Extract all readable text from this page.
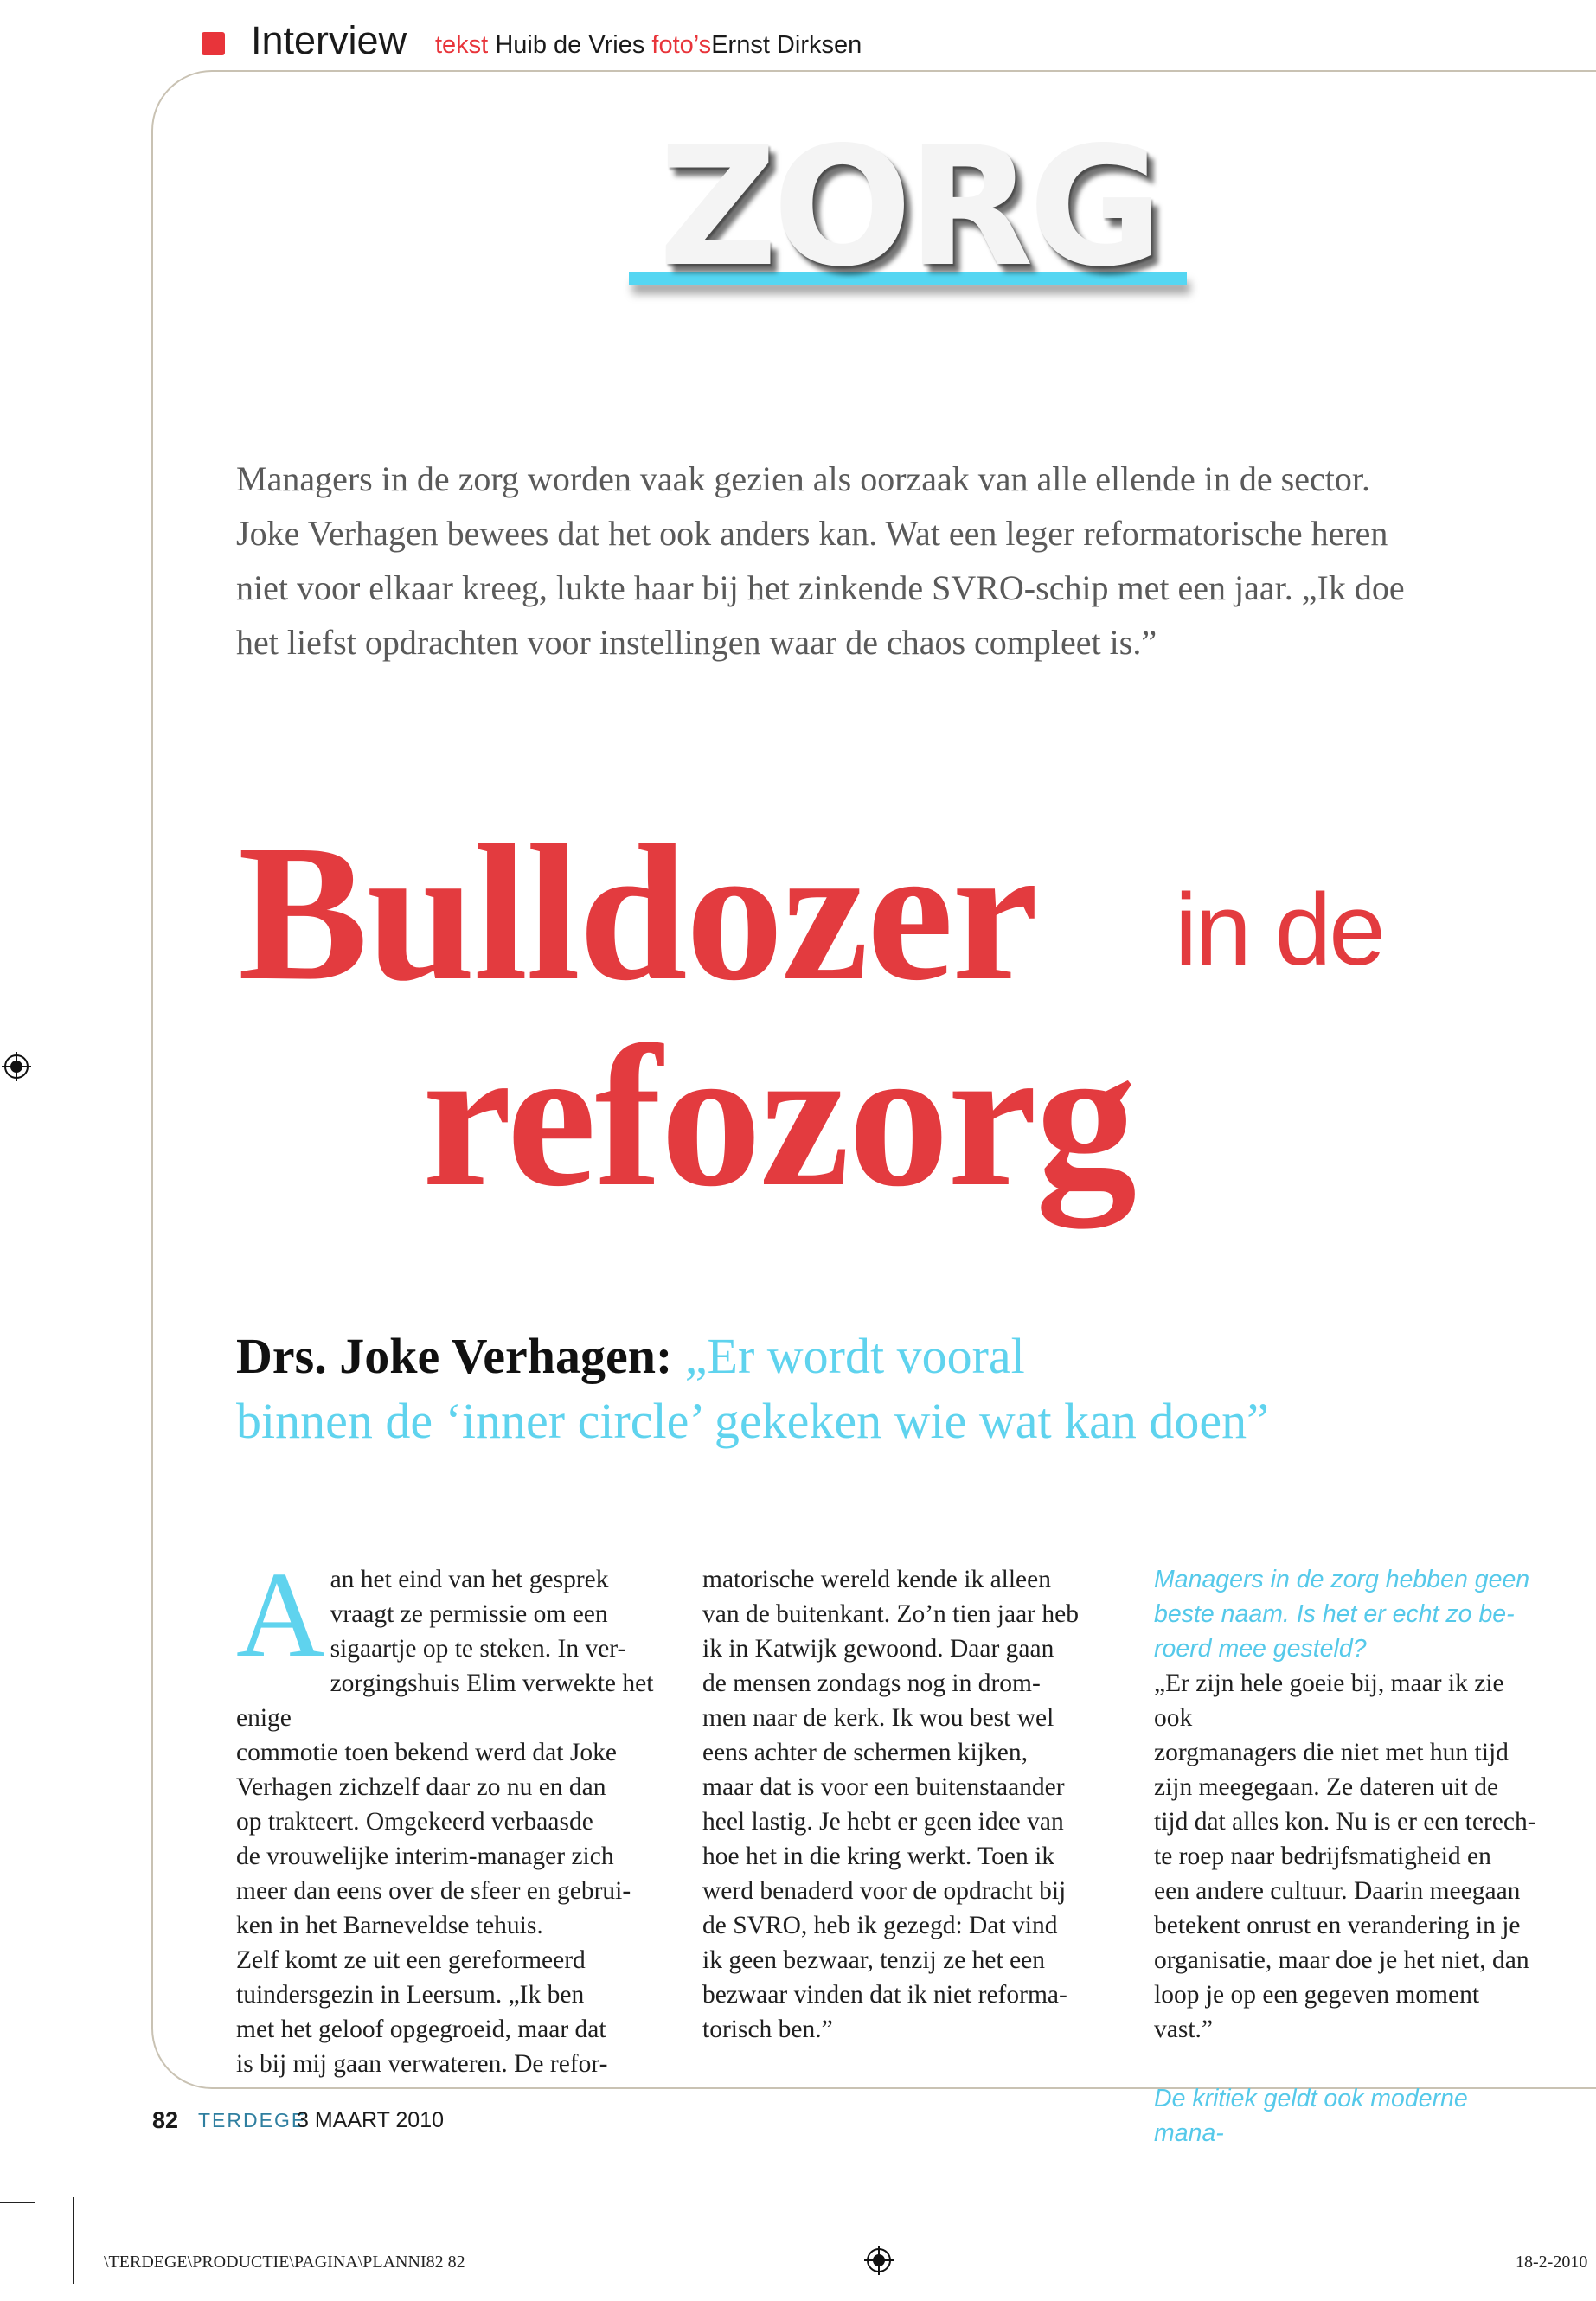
Interview tekst Huib de Vries foto’sErnst Dirksen
ZORG

Managers in de zorg worden vaak gezien als oorzaak van alle ellende in de sector.

Joke Verhagen bewees dat het ook anders kan. Wat een leger reformatorische heren

niet voor elkaar kreeg, lukte haar bij het zinkende SVRO-schip met een jaar. „Ik doe

het liefst opdrachten voor instellingen waar de chaos compleet is.”

Bulldozer in de
refozorg
Drs. Joke Verhagen: „Er wordt vooral
binnen de ‘inner circle’ gekeken wie wat kan doen”
A an het eind van het gesprek

vraagt ze permissie om een

sigaartje op te steken. In ver-

zorgingshuis Elim verwekte het enige

commotie toen bekend werd dat Joke

Verhagen zichzelf daar zo nu en dan

op trakteert. Omgekeerd verbaasde

de vrouwelijke interim-manager zich

meer dan eens over de sfeer en gebrui-

ken in het Barneveldse tehuis.

Zelf komt ze uit een gereformeerd

tuindersgezin in Leersum. „Ik ben

met het geloof opgegroeid, maar dat

is bij mij gaan verwateren. De refor-

matorische wereld kende ik alleen

van de buitenkant. Zo’n tien jaar heb

ik in Katwijk gewoond. Daar gaan

de mensen zondags nog in drom-

men naar de kerk. Ik wou best wel

eens achter de schermen kijken,

maar dat is voor een buitenstaander

heel lastig. Je hebt er geen idee van

hoe het in die kring werkt. Toen ik

werd benaderd voor de opdracht bij

de SVRO, heb ik gezegd: Dat vind

ik geen bezwaar, tenzij ze het een

bezwaar vinden dat ik niet reforma-

torisch ben.”

Managers in de zorg hebben geen

beste naam. Is het er echt zo be-

roerd mee gesteld?

„Er zijn hele goeie bij, maar ik zie ook

zorgmanagers die niet met hun tijd

zijn meegegaan. Ze dateren uit de

tijd dat alles kon. Nu is er een terech-

te roep naar bedrijfsmatigheid en

een andere cultuur. Daarin meegaan

betekent onrust en verandering in je

organisatie, maar doe je het niet, dan

loop je op een gegeven moment vast.”

De kritiek geldt ook moderne mana-

82 TERDEGE
3 MAART 2010
\TERDEGE\PRODUCTIE\PAGINA\PLANNI82 82	18-2-2010
